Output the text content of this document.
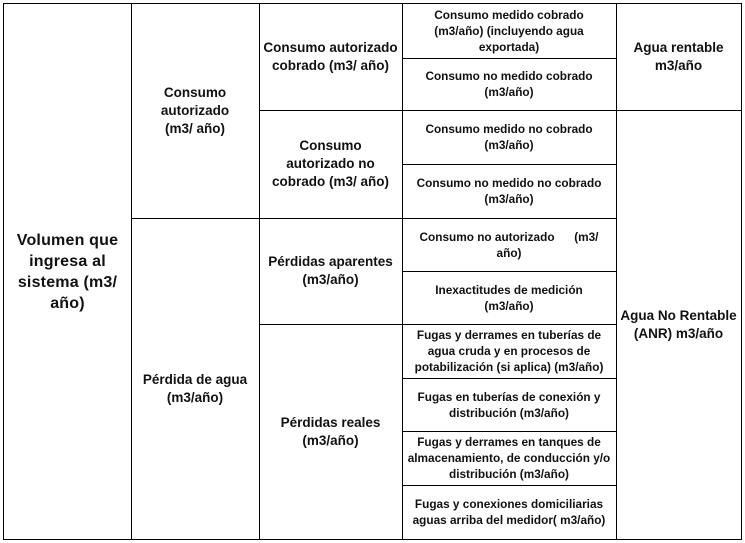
Volumen que ingresa al sistema (m3/ año)
Consumo autorizado (m3/ año)
Pérdida de agua (m3/año)
Consumo autorizado cobrado (m3/ año)
Consumo autorizado no cobrado (m3/ año)
Pérdidas aparentes (m3/año)
Pérdidas reales (m3/año)
Consumo medido cobrado (m3/año) (incluyendo agua exportada)
Consumo no medido cobrado (m3/año)
Consumo medido no cobrado (m3/año)
Consumo no medido no cobrado (m3/año)
Consumo no autorizado      (m3/ año)
Inexactitudes de medición (m3/año)
Fugas y derrames en tuberías de agua cruda y en procesos de potabilización (si aplica) (m3/año)
Fugas en tuberías de conexión y distribución (m3/año)
Fugas y derrames en tanques de almacenamiento, de conducción y/o distribución (m3/año)
Fugas y conexiones domiciliarias aguas arriba del medidor( m3/año)
Agua rentable m3/año
Agua No Rentable (ANR) m3/año
